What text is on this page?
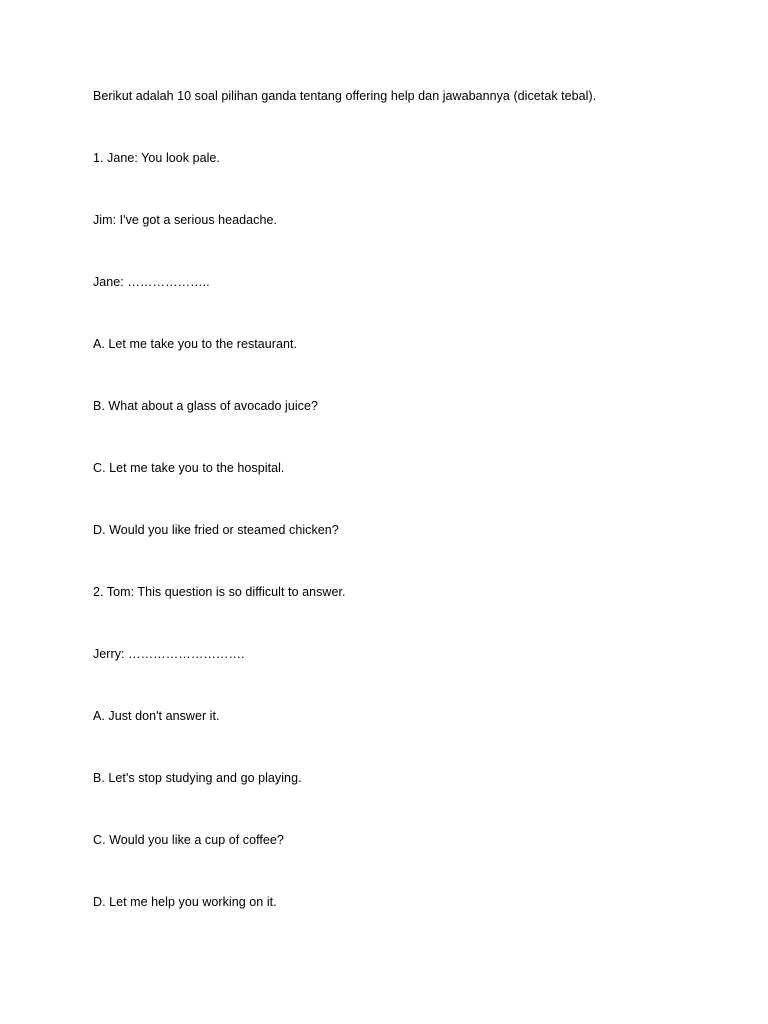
Berikut adalah 10 soal pilihan ganda tentang offering help dan jawabannya (dicetak tebal).
1. Jane: You look pale.
Jim: I've got a serious headache.
Jane: ………………..
A. Let me take you to the restaurant.
B. What about a glass of avocado juice?
C. Let me take you to the hospital.
D. Would you like fried or steamed chicken?
2. Tom: This question is so difficult to answer.
Jerry: ……………………….
A. Just don't answer it.
B. Let's stop studying and go playing.
C. Would you like a cup of coffee?
D. Let me help you working on it.
